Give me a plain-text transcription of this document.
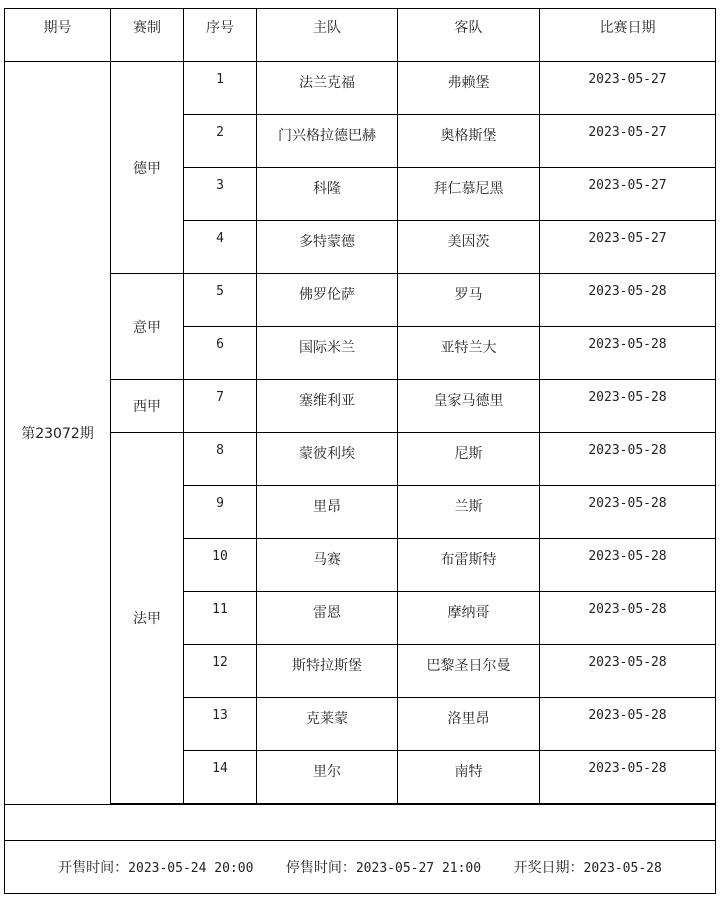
期号	赛制	序号	主队	客队	比赛日期
第23072期	德甲	1	法兰克福	弗赖堡	2023-05-27
		2	门兴格拉德巴赫	奥格斯堡	2023-05-27
		3	科隆	拜仁慕尼黑	2023-05-27
		4	多特蒙德	美因茨	2023-05-27
	意甲	5	佛罗伦萨	罗马	2023-05-28
		6	国际米兰	亚特兰大	2023-05-28
	西甲	7	塞维利亚	皇家马德里	2023-05-28
	法甲	8	蒙彼利埃	尼斯	2023-05-28
		9	里昂	兰斯	2023-05-28
		10	马赛	布雷斯特	2023-05-28
		11	雷恩	摩纳哥	2023-05-28
		12	斯特拉斯堡	巴黎圣日尔曼	2023-05-28
		13	克莱蒙	洛里昂	2023-05-28
		14	里尔	南特	2023-05-28

开售时间：2023-05-24 20:00 停售时间：2023-05-27 21:00 开奖日期：2023-05-28					
